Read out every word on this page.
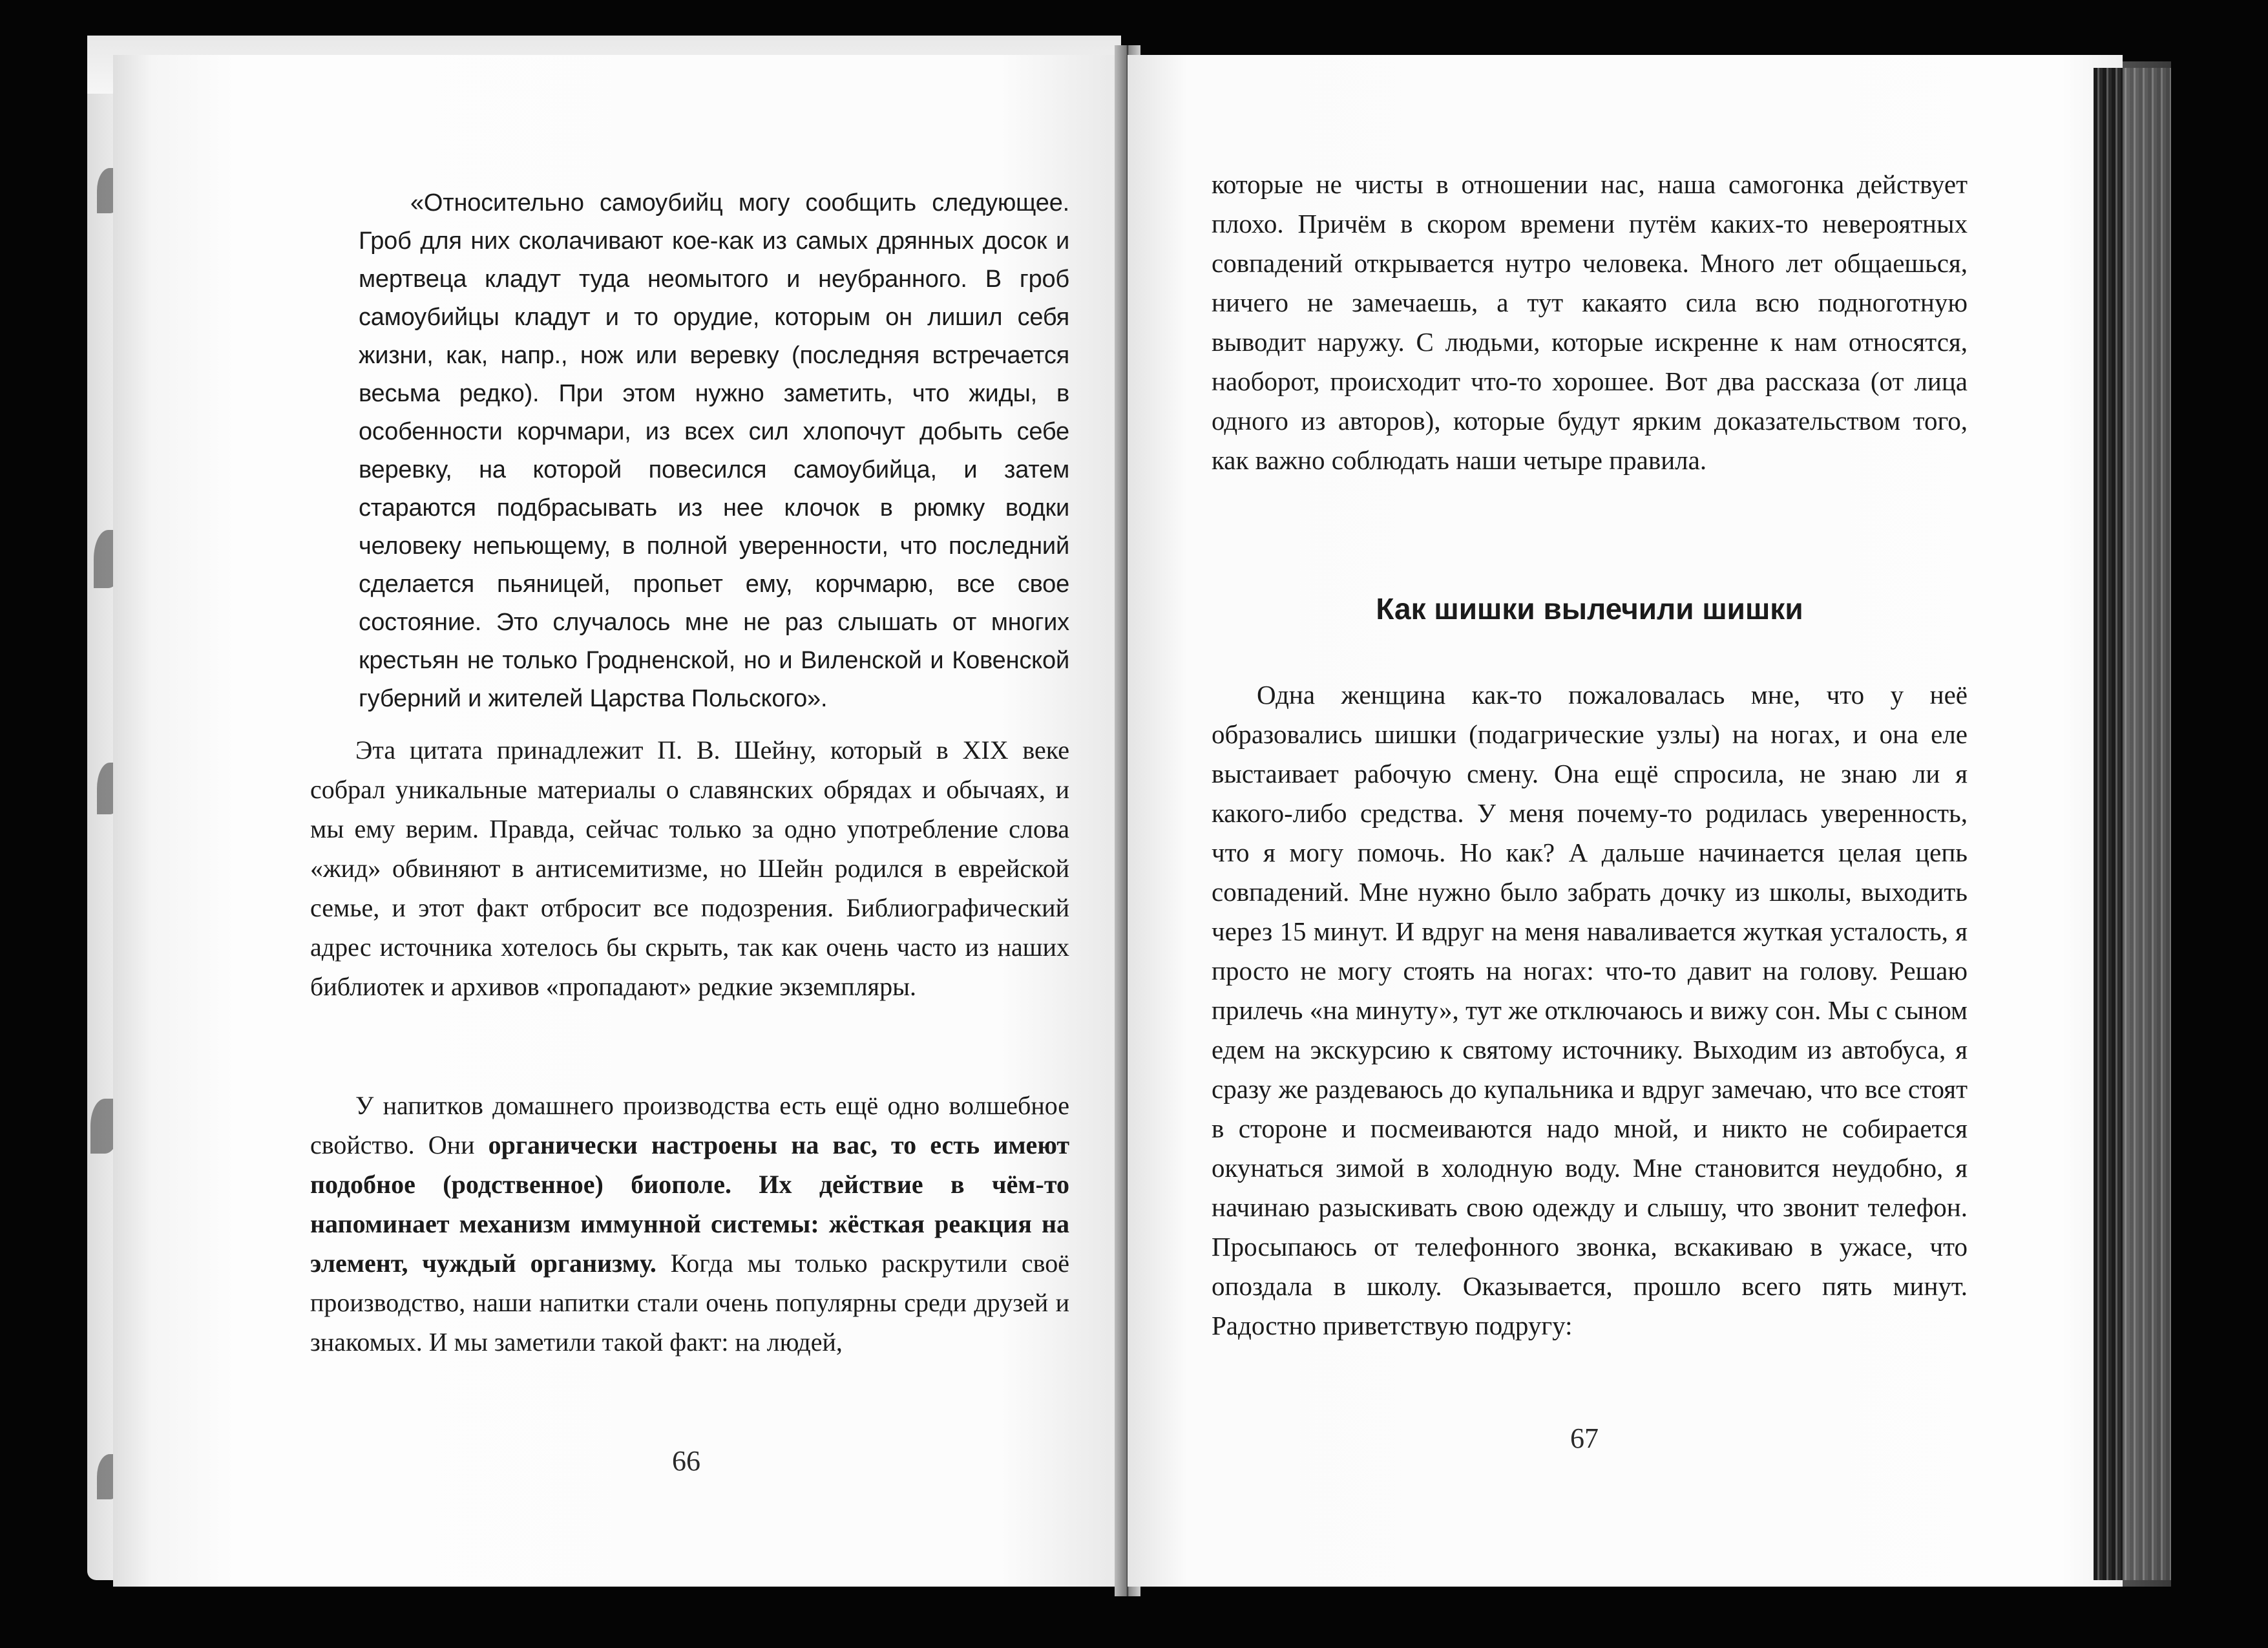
«Относительно самоубийц могу сообщить следующее. Гроб для них сколачивают кое-как из самых дрянных досок и мертвеца кладут туда неомытого и неубранного. В гроб самоубийцы кладут и то орудие, которым он лишил себя жизни, как, напр., нож или веревку (последняя встречается весьма редко). При этом нужно заметить, что жиды, в особенности корчмари, из всех сил хлопочут добыть себе веревку, на которой повесился самоубийца, и затем стараются подбрасывать из нее клочок в рюмку водки человеку непьющему, в полной уверенности, что последний сделается пьяницей, пропьет ему, корчмарю, все свое состояние. Это случалось мне не раз слышать от многих крестьян не только Гродненской, но и Виленской и Ковенской губерний и жителей Царства Польского».

Эта цитата принадлежит П. В. Шейну, который в XIX веке собрал уникальные материалы о славянских обрядах и обычаях, и мы ему верим. Правда, сейчас только за одно употребление слова «жид» обвиняют в антисемитизме, но Шейн родился в еврейской семье, и этот факт отбросит все подозрения. Библиографический адрес источника хотелось бы скрыть, так как очень часто из наших библиотек и архивов «пропадают» редкие экземпляры.

У напитков домашнего производства есть ещё одно волшебное свойство. Они органически настроены на вас, то есть имеют подобное (родственное) биополе. Их действие в чём-то напоминает механизм иммунной системы: жёсткая реакция на элемент, чуждый организму. Когда мы только раскрутили своё производство, наши напитки стали очень популярны среди друзей и знакомых. И мы заметили такой факт: на людей,

66

которые не чисты в отношении нас, наша самогонка действует плохо. Причём в скором времени путём каких-то невероятных совпадений открывается нутро человека. Много лет общаешься, ничего не замечаешь, а тут какаято сила всю подноготную выводит наружу. С людьми, которые искренне к нам относятся, наоборот, происходит что-то хорошее. Вот два рассказа (от лица одного из авторов), которые будут ярким доказательством того, как важно соблюдать наши четыре правила.

Как шишки вылечили шишки

Одна женщина как-то пожаловалась мне, что у неё образовались шишки (подагрические узлы) на ногах, и она еле выстаивает рабочую смену. Она ещё спросила, не знаю ли я какого-либо средства. У меня почему-то родилась уверенность, что я могу помочь. Но как? А дальше начинается целая цепь совпадений. Мне нужно было забрать дочку из школы, выходить через 15 минут. И вдруг на меня наваливается жуткая усталость, я просто не могу стоять на ногах: что-то давит на голову. Решаю прилечь «на минуту», тут же отключаюсь и вижу сон. Мы с сыном едем на экскурсию к святому источнику. Выходим из автобуса, я сразу же раздеваюсь до купальника и вдруг замечаю, что все стоят в стороне и посмеиваются надо мной, и никто не собирается окунаться зимой в холодную воду. Мне становится неудобно, я начинаю разыскивать свою одежду и слышу, что звонит телефон. Просыпаюсь от телефонного звонка, вскакиваю в ужасе, что опоздала в школу. Оказывается, прошло всего пять минут. Радостно приветствую подругу:

67
